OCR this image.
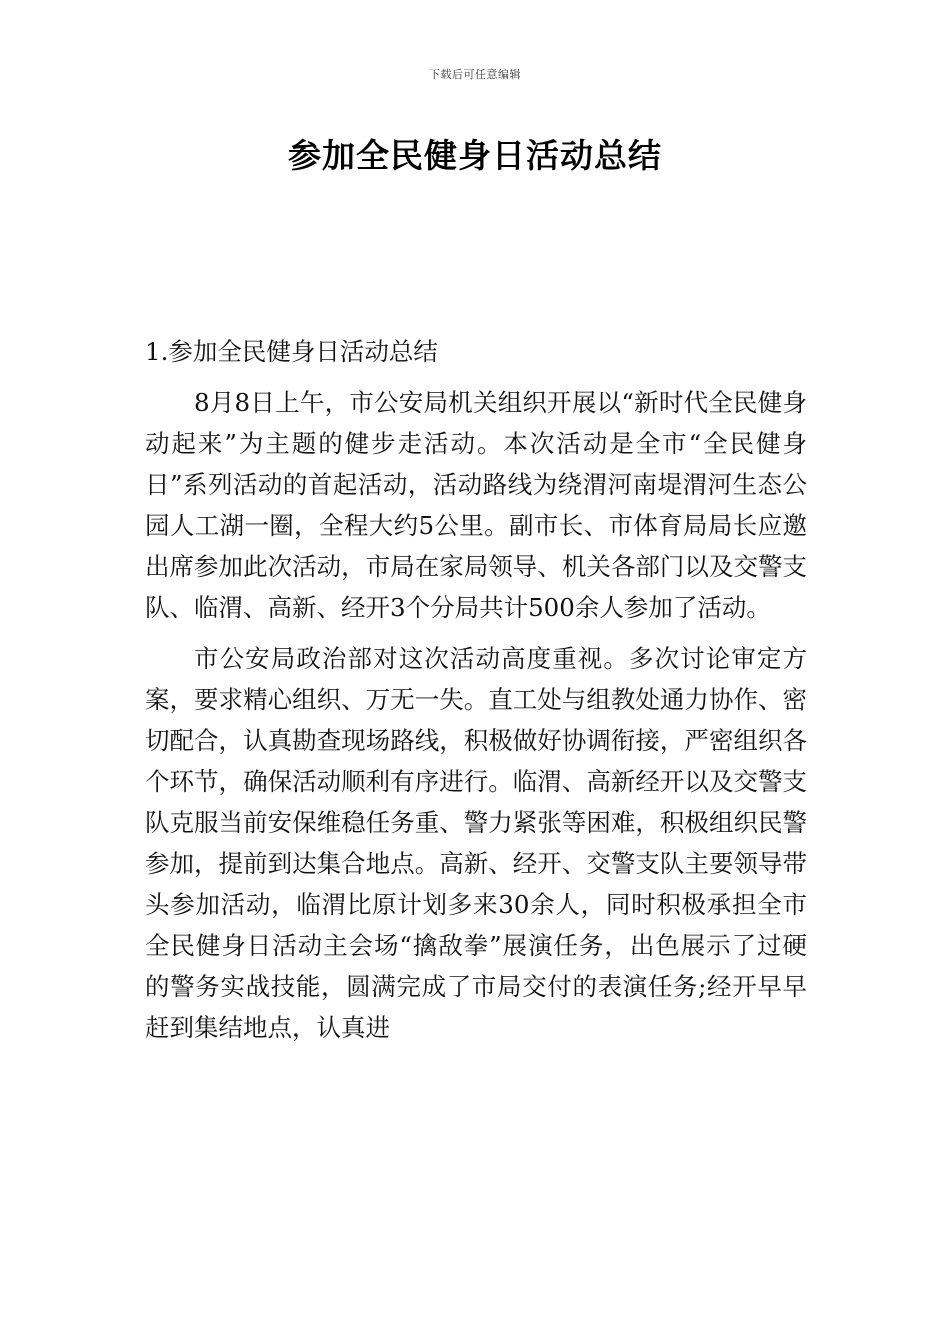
下载后可任意编辑
参加全民健身日活动总结

1.参加全民健身日活动总结

8月8日上午，市公安局机关组织开展以“新时代全民健身动起来”为主题的健步走活动。本次活动是全市“全民健身日”系列活动的首起活动，活动路线为绕渭河南堤渭河生态公园人工湖一圈，全程大约5公里。副市长、市体育局局长应邀出席参加此次活动，市局在家局领导、机关各部门以及交警支队、临渭、高新、经开3个分局共计500余人参加了活动。

市公安局政治部对这次活动高度重视。多次讨论审定方案，要求精心组织、万无一失。直工处与组教处通力协作、密切配合，认真勘查现场路线，积极做好协调衔接，严密组织各个环节，确保活动顺利有序进行。临渭、高新经开以及交警支队克服当前安保维稳任务重、警力紧张等困难，积极组织民警参加，提前到达集合地点。高新、经开、交警支队主要领导带头参加活动，临渭比原计划多来30余人，同时积极承担全市全民健身日活动主会场“擒敌拳”展演任务，出色展示了过硬的警务实战技能，圆满完成了市局交付的表演任务;经开早早赶到集结地点，认真进
